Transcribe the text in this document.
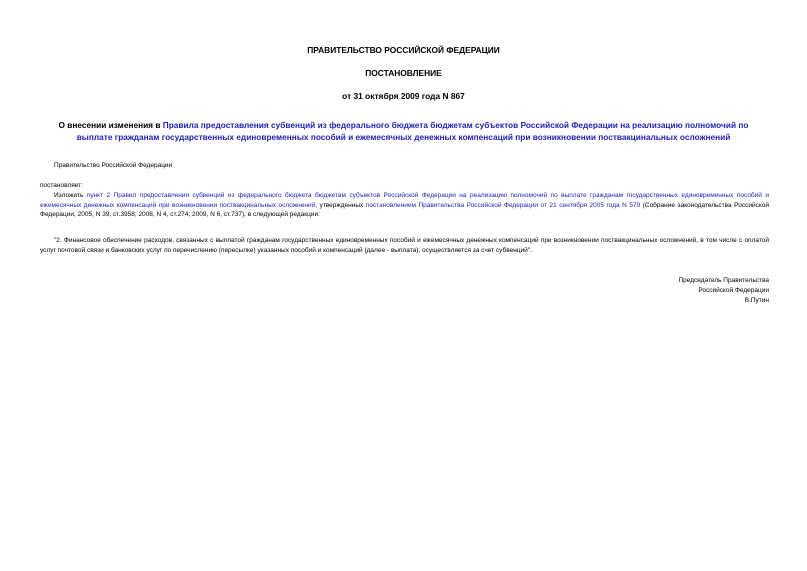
ПРАВИТЕЛЬСТВО РОССИЙСКОЙ ФЕДЕРАЦИИ

ПОСТАНОВЛЕНИЕ

от 31 октября 2009 года N 867

О внесении изменения в Правила предоставления субвенций из федерального бюджета бюджетам субъектов Российской Федерации на реализацию полномочий по выплате гражданам государственных единовременных пособий и ежемесячных денежных компенсаций при возникновении поствакцинальных осложнений

Правительство Российской Федерации

постановляет:

Изложить пункт 2 Правил предоставления субвенций из федерального бюджета бюджетам субъектов Российской Федерации на реализацию полномочий по выплате гражданам государственных единовременных пособий и ежемесячных денежных компенсаций при возникновении поствакцинальных осложнений, утвержденных постановлением Правительства Российской Федерации от 21 сентября 2005 года N 579 (Собрание законодательства Российской Федерации, 2005, N 39, ст.3958; 2008, N 4, ст.274; 2009, N 6, ст.737), в следующей редакции:

"2. Финансовое обеспечение расходов, связанных с выплатой гражданам государственных единовременных пособий и ежемесячных денежных компенсаций при возникновении поствакцинальных осложнений, в том числе с оплатой услуг почтовой связи и банковских услуг по перечислению (пересылке) указанных пособий и компенсаций (далее - выплата), осуществляется за счет субвенций".

Председатель Правительства

Российской Федерации

В.Путин
